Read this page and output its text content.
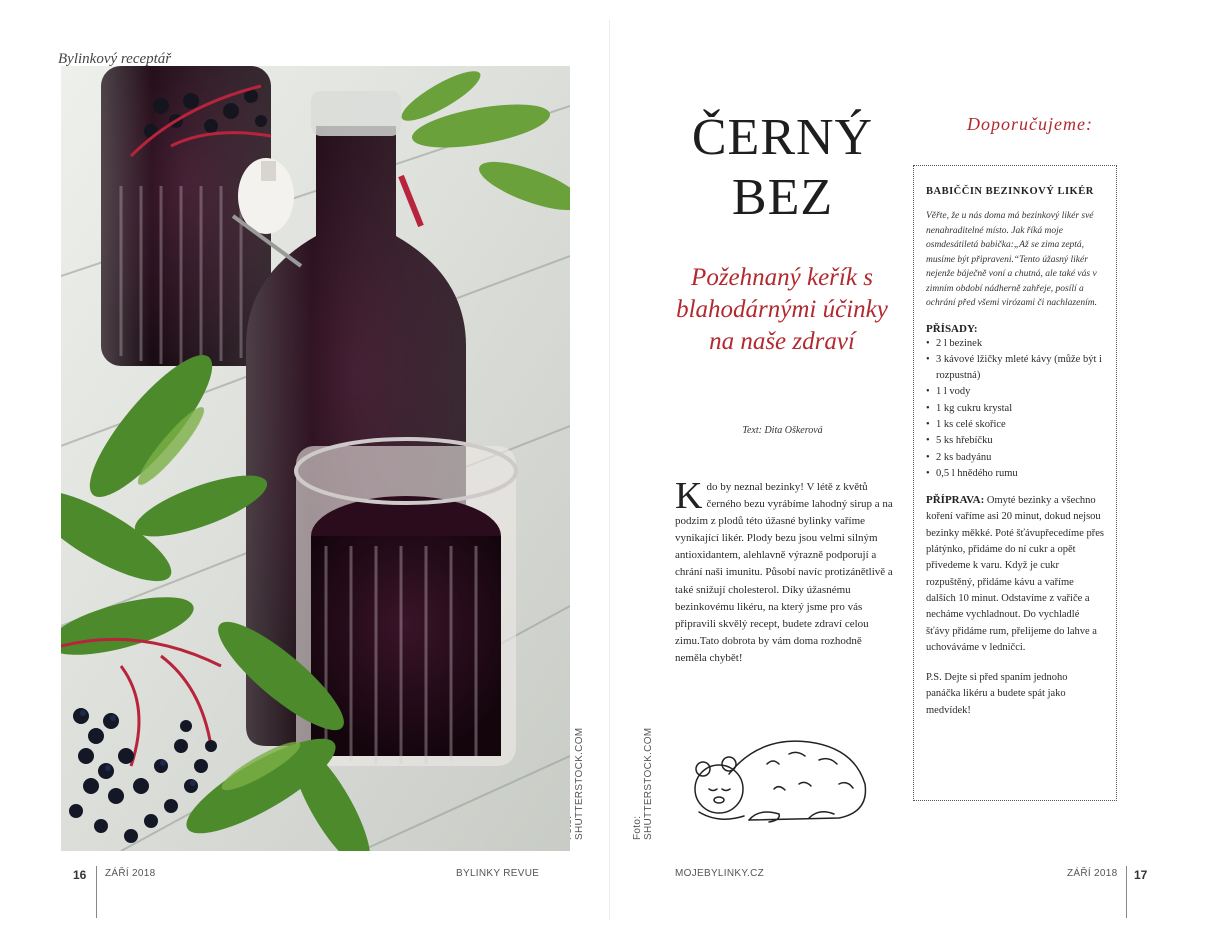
Bylinkový receptář
SHUTTERSTOCK.COM
16 ZÁŘÍ 2018	BYLINKY REVUE
Foto: SHUTTERSTOCK.COM
ČERNÝ
BEZ
Požehnaný keřík s blahodárnými účinky na naše zdraví
Text: Dita Oškerová
Kdo by neznal bezinky! V létě z květů černého bezu vyrábíme lahodný sirup a na podzim z plodů této úžasné bylinky vaříme vynikající likér. Plody bezu jsou velmi silným antioxidantem, alehlavně výrazně podporují a chrání naši imunitu. Působí navíc protizánětlivě a také snižují cholesterol. Díky úžasnému bezinkovému likéru, na který jsme pro vás připravili skvělý recept, budete zdraví celou zimu.Tato dobrota by vám doma rozhodně neměla chybět!
Doporučujeme:
BABIČČIN BEZINKOVÝ LIKÉR
Věřte, že u nás doma má bezinkový likér své nenahraditelné místo. Jak říká moje osmdesátiletá babička:„Až se zima zeptá, musíme být připraveni.“Tento úžasný likér nejenže báječně voní a chutná, ale také vás v zimním období nádherně zahřeje, posílí a ochrání před všemi virózami či nachlazením.
PŘÍSADY:
• 2 l bezinek
• 3 kávové lžičky mleté kávy (může být i rozpustná)
• 1 l vody
• 1 kg cukru krystal
• 1 ks celé skořice
• 5 ks hřebíčku
• 2 ks badyánu
• 0,5 l hnědého rumu
PŘÍPRAVA: Omyté bezinky a všechno koření vaříme asi 20 minut, dokud nejsou bezinky měkké. Poté šťávupřecedíme přes plátýnko, přidáme do ní cukr a opět přivedeme k varu. Když je cukr rozpuštěný, přidáme kávu a vaříme dalších 10 minut. Odstavíme z vařiče a necháme vychladnout. Do vychladlé šťávy přidáme rum, přelijeme do lahve a uchováváme v ledničci.
P.S. Dejte si před spaním jednoho panáčka likéru a budete spát jako medvídek!
MOJEBYLINKY.CZ	ZÁŘÍ 2018 17
